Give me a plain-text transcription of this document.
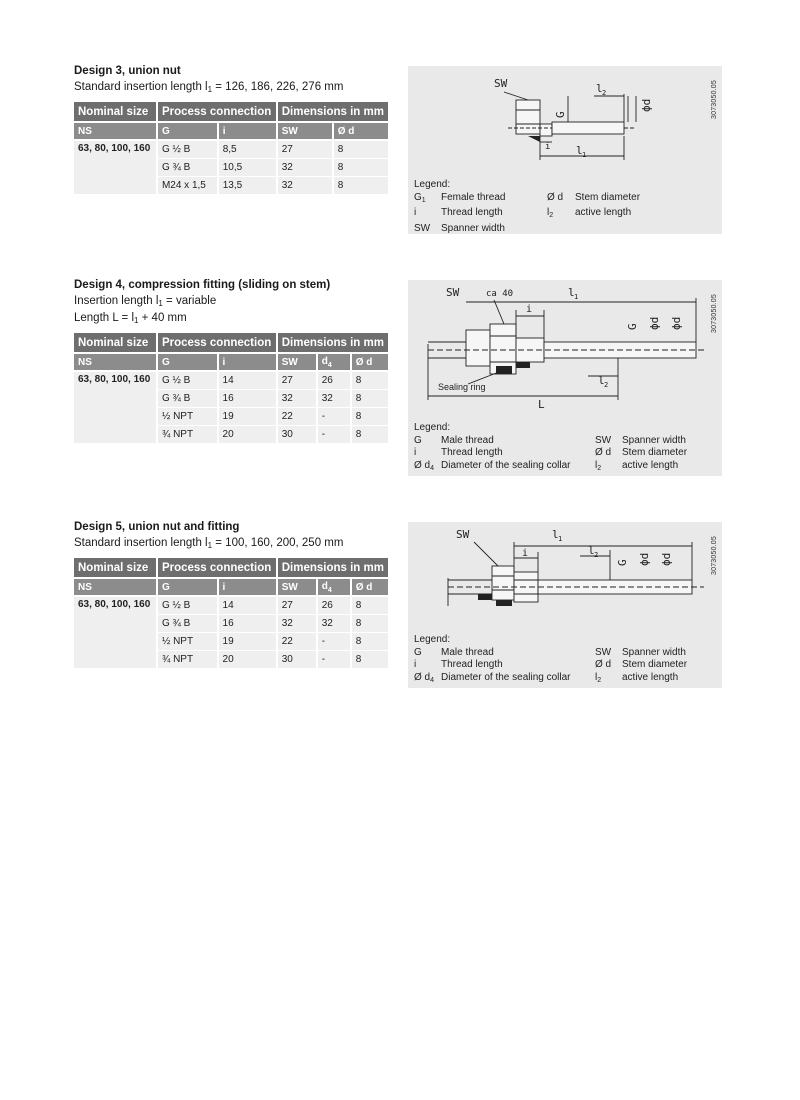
Design 3, union nut

Standard insertion length $l_1 = 126$, 186, 226, 276 mm

Nominal size	Process connection		Dimensions in mm	
NS	G	i	SW	Ø d
63, 80, 100, 160	G ½ B	8,5	27	8
	G ¾ B	10,5	32	8
	M24 x 1,5	13,5	32	8
SW	l 2
l 1
i
G
ϕd	3073050.05

Legend:

$G_1$	Female thread	Ø d	Stem diameter
i	Thread length	$l_2$	active length
SW	Spanner width		

Design 4, compression fitting (sliding on stem)

Insertion length $l_1$ = variable

Length $L = l_1 + 40$ mm

Nominal size	Process connection		Dimensions in mm		
NS	G	i	SW	$d_4$	Ø d
63, 80, 100, 160	G ½ B	14	27	26	8
	G ¾ B	16	32	32	8
	½ NPT	19	22	-	8
	¾ NPT	20	30	-	8
SW	ca 40	l 1
i
l 2
L
Sealing ring
G ϕd ϕd	3073050.05

Legend:

G	Male thread	SW	Spanner width
i	Thread length	Ø d	Stem diameter
Ø $d_4$	Diameter of the sealing collar	$l_2$	active length

Design 5, union nut and fitting

Standard insertion length $l_1 = 100$, 160, 200, 250 mm

Nominal size	Process connection		Dimensions in mm		
NS	G	i	SW	$d_4$	Ø d
63, 80, 100, 160	G ½ B	14	27	26	8
	G ¾ B	16	32	32	8
	½ NPT	19	22	-	8
	¾ NPT	20	30	-	8
SW	l 1
i	l 2
G ϕd ϕd	3073050.05

Legend:

G	Male thread	SW	Spanner width
i	Thread length	Ø d	Stem diameter
Ø $d_4$	Diameter of the sealing collar	$l_2$	active length
